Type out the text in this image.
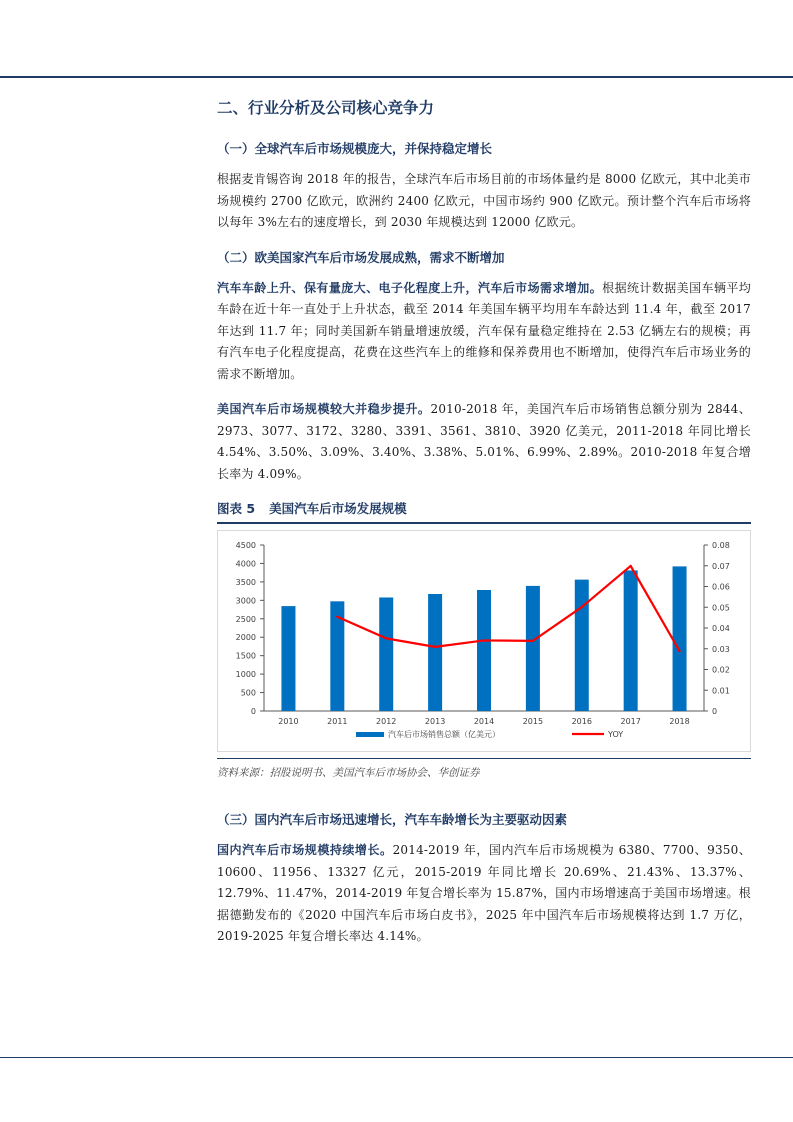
二、行业分析及公司核心竞争力
（一）全球汽车后市场规模庞大，并保持稳定增长

根据麦肯锡咨询 2018 年的报告，全球汽车后市场目前的市场体量约是 8000 亿欧元，其中北美市场规模约 2700 亿欧元，欧洲约 2400 亿欧元，中国市场约 900 亿欧元。预计整个汽车后市场将以每年 3%左右的速度增长，到 2030 年规模达到 12000 亿欧元。

（二）欧美国家汽车后市场发展成熟，需求不断增加

汽车车龄上升、保有量庞大、电子化程度上升，汽车后市场需求增加。根据统计数据美国车辆平均车龄在近十年一直处于上升状态，截至 2014 年美国车辆平均用车车龄达到 11.4 年，截至 2017 年达到 11.7 年；同时美国新车销量增速放缓，汽车保有量稳定维持在 2.53 亿辆左右的规模；再有汽车电子化程度提高，花费在这些汽车上的维修和保养费用也不断增加，使得汽车后市场业务的需求不断增加。

美国汽车后市场规模较大并稳步提升。2010-2018 年，美国汽车后市场销售总额分别为 2844、2973、3077、3172、3280、3391、3561、3810、3920 亿美元，2011-2018 年同比增长 4.54%、3.50%、3.09%、3.40%、3.38%、5.01%、6.99%、2.89%。2010-2018 年复合增长率为 4.09%。

图表 5 美国汽车后市场发展规模
0
500
1000
1500
2000
2500
3000
3500
4000
4500
0
0.01
0.02
0.03
0.04
0.05
0.06
0.07
0.08
2010	2011	2012	2013	2014	2015	2016	2017	2018
汽车后市场销售总额（亿美元）	YOY
资料来源：招股说明书、美国汽车后市场协会、华创证券
（三）国内汽车后市场迅速增长，汽车车龄增长为主要驱动因素

国内汽车后市场规模持续增长。2014-2019 年，国内汽车后市场规模为 6380、7700、9350、10600、11956、13327 亿元，2015-2019 年同比增长 20.69%、21.43%、13.37%、12.79%、11.47%，2014-2019 年复合增长率为 15.87%，国内市场增速高于美国市场增速。根据德勤发布的《2020 中国汽车后市场白皮书》，2025 年中国汽车后市场规模将达到 1.7 万亿，2019-2025 年复合增长率达 4.14%。
